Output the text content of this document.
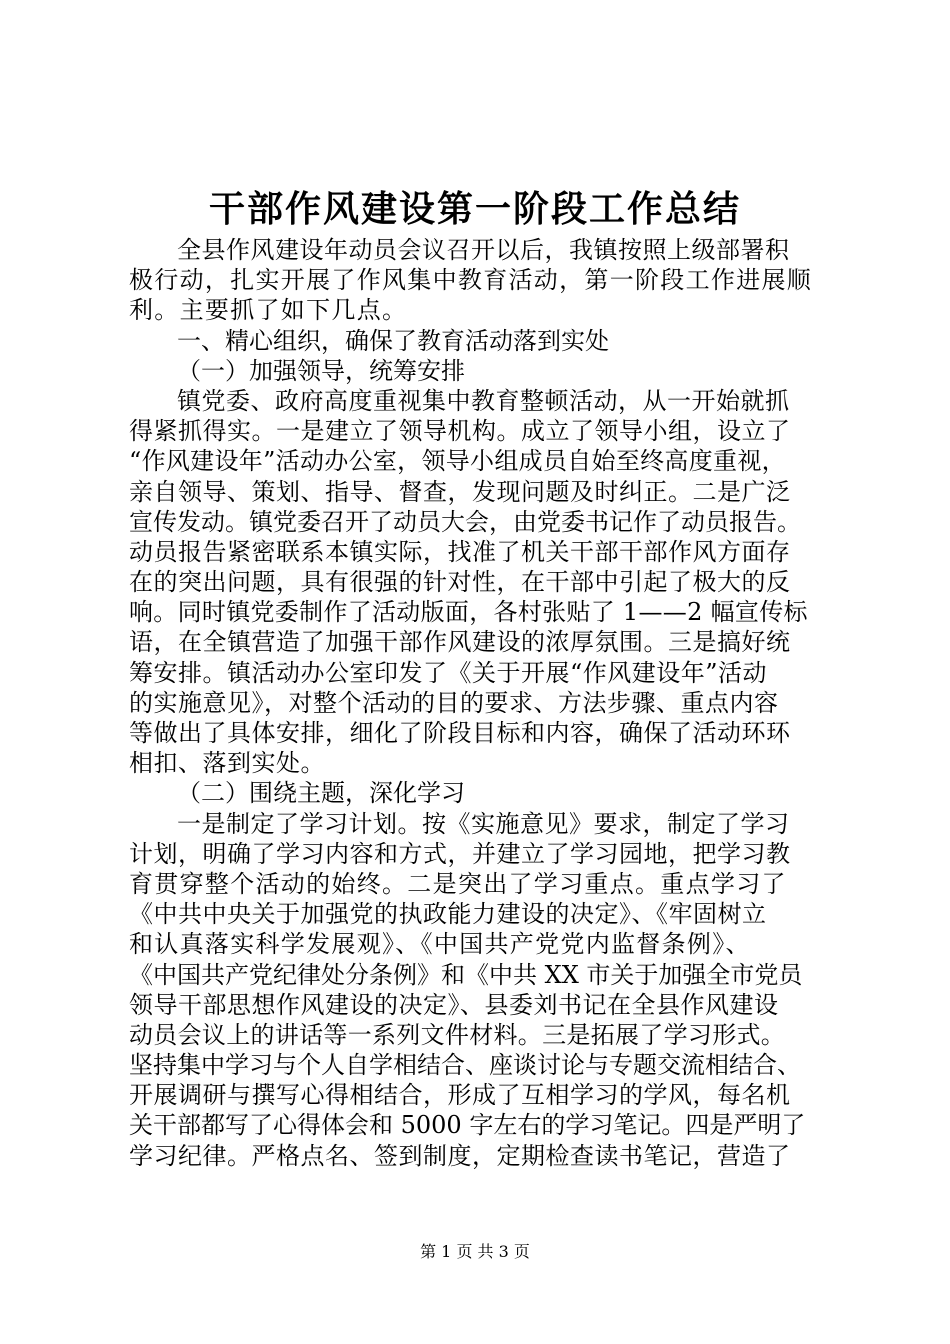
干部作风建设第一阶段工作总结
全县作风建设年动员会议召开以后，我镇按照上级部署积
极行动，扎实开展了作风集中教育活动，第一阶段工作进展顺
利。主要抓了如下几点。
一、精心组织，确保了教育活动落到实处
（一）加强领导，统筹安排
镇党委、政府高度重视集中教育整顿活动，从一开始就抓
得紧抓得实。一是建立了领导机构。成立了领导小组，设立了
“作风建设年”活动办公室，领导小组成员自始至终高度重视，
亲自领导、策划、指导、督查，发现问题及时纠正。二是广泛
宣传发动。镇党委召开了动员大会，由党委书记作了动员报告。
动员报告紧密联系本镇实际，找准了机关干部干部作风方面存
在的突出问题，具有很强的针对性，在干部中引起了极大的反
响。同时镇党委制作了活动版面，各村张贴了 1——2 幅宣传标
语，在全镇营造了加强干部作风建设的浓厚氛围。三是搞好统
筹安排。镇活动办公室印发了《关于开展“作风建设年”活动
的实施意见》，对整个活动的目的要求、方法步骤、重点内容
等做出了具体安排，细化了阶段目标和内容，确保了活动环环
相扣、落到实处。
（二）围绕主题，深化学习
一是制定了学习计划。按《实施意见》要求，制定了学习
计划，明确了学习内容和方式，并建立了学习园地，把学习教
育贯穿整个活动的始终。二是突出了学习重点。重点学习了
《中共中央关于加强党的执政能力建设的决定》、《牢固树立
和认真落实科学发展观》、《中国共产党党内监督条例》、
《中国共产党纪律处分条例》和《中共 XX 市关于加强全市党员
领导干部思想作风建设的决定》、县委刘书记在全县作风建设
动员会议上的讲话等一系列文件材料。三是拓展了学习形式。
坚持集中学习与个人自学相结合、座谈讨论与专题交流相结合、
开展调研与撰写心得相结合，形成了互相学习的学风，每名机
关干部都写了心得体会和 5000 字左右的学习笔记。四是严明了
学习纪律。严格点名、签到制度，定期检查读书笔记，营造了
第 1 页 共 3 页
